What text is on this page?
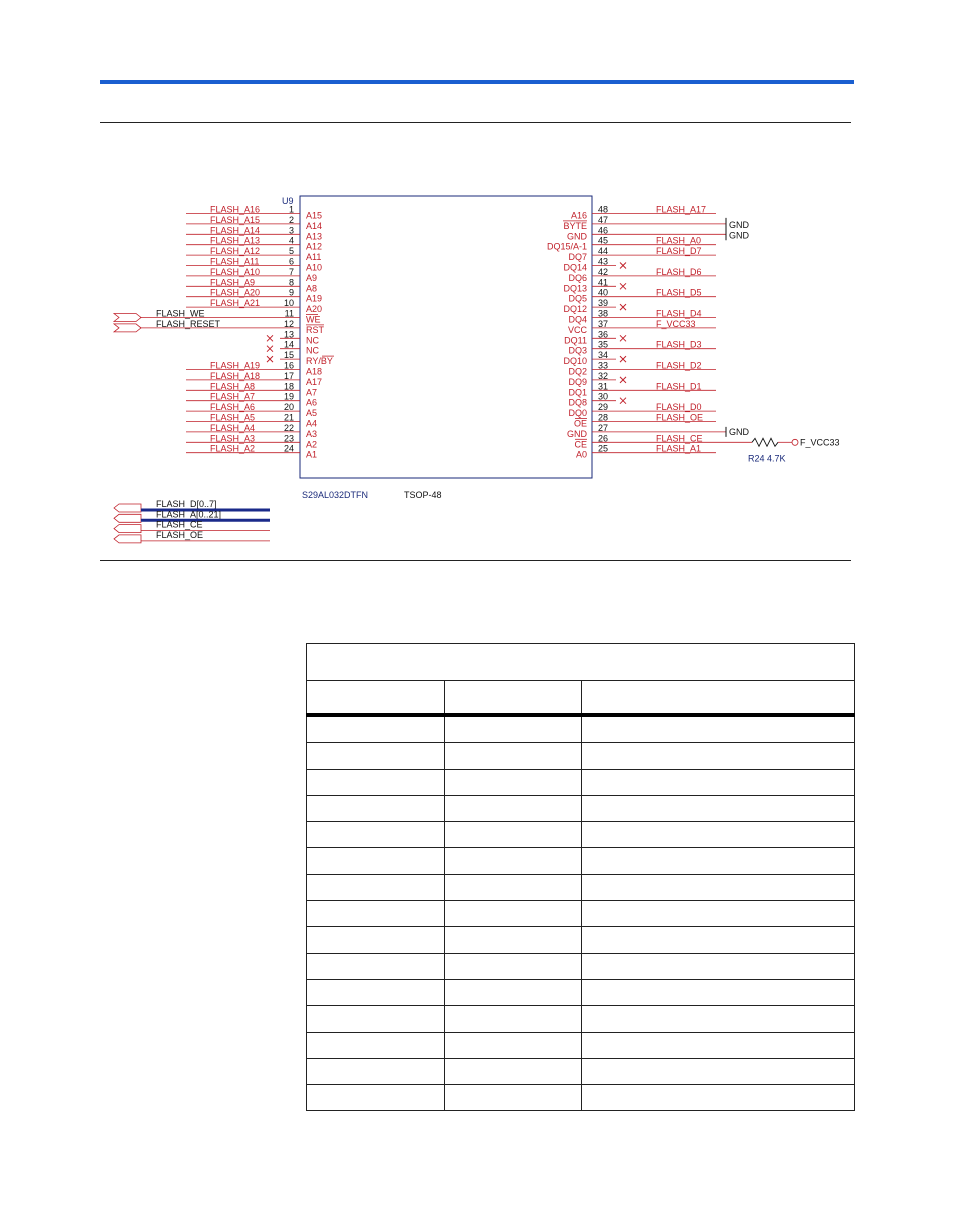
U9
S29AL032DTFN	TSOP-48
1
A15
FLASH_A16
2
A14
FLASH_A15
3
A13
FLASH_A14
4
A12
FLASH_A13
5
A11
FLASH_A12
6
A10
FLASH_A11
7
A9
FLASH_A10
8
A8
FLASH_A9
9
A19
FLASH_A20
10
A20
FLASH_A21
11
WE
FLASH_WE
12
RST
FLASH_RESET
13
NC
14
NC
15
RY/BY
16
A18
FLASH_A19
17
A17
FLASH_A18
18
A7
FLASH_A8
19
A6
FLASH_A7
20
A5
FLASH_A6
21
A4
FLASH_A5
22
A3
FLASH_A4
23
A2
FLASH_A3
24
A1
FLASH_A2
48
A16
FLASH_A17
47
BYTE 46
GND 45
DQ15/A-1
FLASH_A0
44
DQ7
FLASH_D7
43
DQ14 42
DQ6
FLASH_D6
41
DQ13 40
DQ5
FLASH_D5
39
DQ12 38
DQ4
FLASH_D4
37
VCC
F_VCC33
36
DQ11 35
DQ3
FLASH_D3
34
DQ10 33
DQ2
FLASH_D2
32
DQ9 31
DQ1
FLASH_D1
30
DQ8 29
DQ0
FLASH_D0
28
OE
FLASH_OE
27
GND 26
CE
FLASH_CE
25
A0
FLASH_A1
GND
GND
GND
F_VCC33
R24 4.7K
FLASH_D[0..7]
FLASH_A[0..21]
FLASH_CE
FLASH_OE
